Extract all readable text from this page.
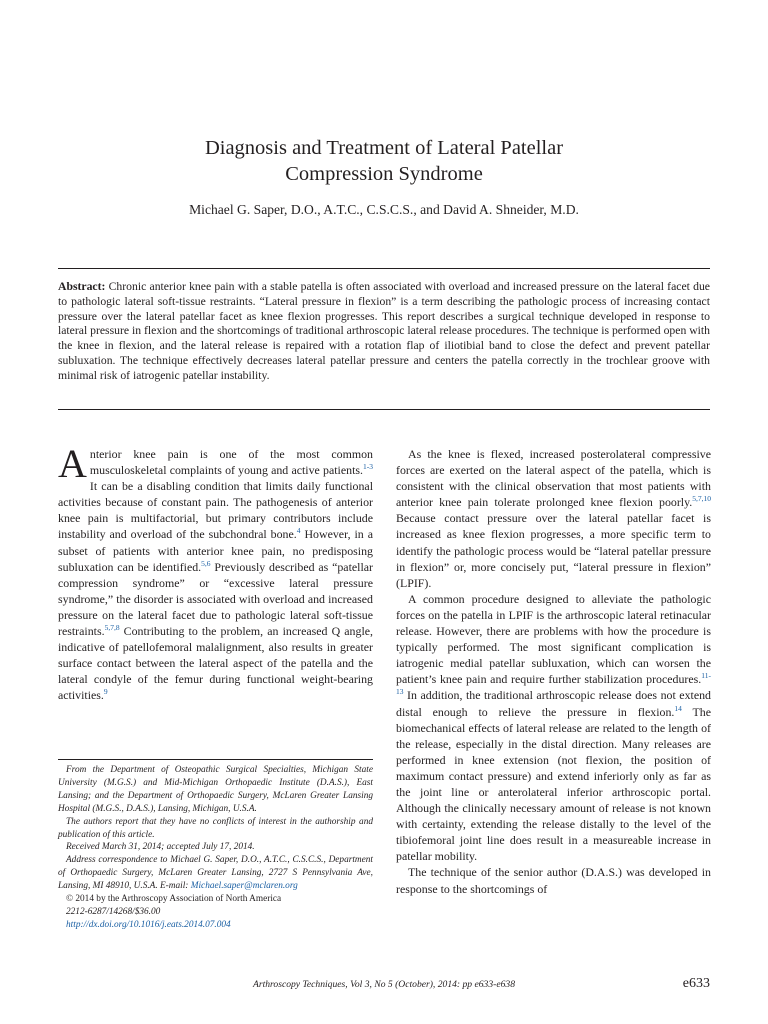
Diagnosis and Treatment of Lateral Patellar
Compression Syndrome
Michael G. Saper, D.O., A.T.C., C.S.C.S., and David A. Shneider, M.D.
Abstract: Chronic anterior knee pain with a stable patella is often associated with overload and increased pressure on the lateral facet due to pathologic lateral soft-tissue restraints. “Lateral pressure in flexion” is a term describing the pathologic process of increasing contact pressure over the lateral patellar facet as knee flexion progresses. This report describes a surgical technique developed in response to lateral pressure in flexion and the shortcomings of traditional arthroscopic lateral release procedures. The technique is performed open with the knee in flexion, and the lateral release is repaired with a rotation flap of iliotibial band to close the defect and prevent patellar subluxation. The technique effectively decreases lateral patellar pressure and centers the patella correctly in the trochlear groove with minimal risk of iatrogenic patellar instability.

Anterior knee pain is one of the most common musculoskeletal complaints of young and active patients.$^{1-3}$ It can be a disabling condition that limits daily functional activities because of constant pain. The pathogenesis of anterior knee pain is multifactorial, but primary contributors include instability and overload of the subchondral bone.$^4$ However, in a subset of patients with anterior knee pain, no predisposing subluxation can be identified.$^{5,6}$ Previously described as “patellar compression syndrome” or “excessive lateral pressure syndrome,” the disorder is associated with overload and increased pressure on the lateral facet due to pathologic lateral soft-tissue restraints.$^{5,7,8}$ Contributing to the problem, an increased Q angle, indicative of patellofemoral malalignment, also results in greater surface contact between the lateral aspect of the patella and the lateral condyle of the femur during functional weight-bearing activities.$^9$

From the Department of Osteopathic Surgical Specialties, Michigan State University (M.G.S.) and Mid-Michigan Orthopaedic Institute (D.A.S.), East Lansing; and the Department of Orthopaedic Surgery, McLaren Greater Lansing Hospital (M.G.S., D.A.S.), Lansing, Michigan, U.S.A.

The authors report that they have no conflicts of interest in the authorship and publication of this article.

Received March 31, 2014; accepted July 17, 2014.

Address correspondence to Michael G. Saper, D.O., A.T.C., C.S.C.S., Department of Orthopaedic Surgery, McLaren Greater Lansing, 2727 S Pennsylvania Ave, Lansing, MI 48910, U.S.A. E-mail: Michael.saper@mclaren.org

© 2014 by the Arthroscopy Association of North America

2212-6287/14268/$36.00

http://dx.doi.org/10.1016/j.eats.2014.07.004

As the knee is flexed, increased posterolateral compressive forces are exerted on the lateral aspect of the patella, which is consistent with the clinical observation that most patients with anterior knee pain tolerate prolonged knee flexion poorly.$^{5,7,10}$ Because contact pressure over the lateral patellar facet is increased as knee flexion progresses, a more specific term to identify the pathologic process would be “lateral patellar pressure in flexion” or, more concisely put, “lateral pressure in flexion” (LPIF).

A common procedure designed to alleviate the pathologic forces on the patella in LPIF is the arthroscopic lateral retinacular release. However, there are problems with how the procedure is typically performed. The most significant complication is iatrogenic medial patellar subluxation, which can worsen the patient’s knee pain and require further stabilization procedures.$^{11-13}$ In addition, the traditional arthroscopic release does not extend distal enough to relieve the pressure in flexion.$^{14}$ The biomechanical effects of lateral release are related to the length of the release, especially in the distal direction. Many releases are performed in knee extension (not flexion, the position of maximum contact pressure) and extend inferiorly only as far as the joint line or anterolateral inferior arthroscopic portal. Although the clinically necessary amount of release is not known with certainty, extending the release distally to the level of the tibiofemoral joint line does result in a measureable increase in patellar mobility.

The technique of the senior author (D.A.S.) was developed in response to the shortcomings of

Arthroscopy Techniques, Vol 3, No 5 (October), 2014: pp e633-e638	e633
